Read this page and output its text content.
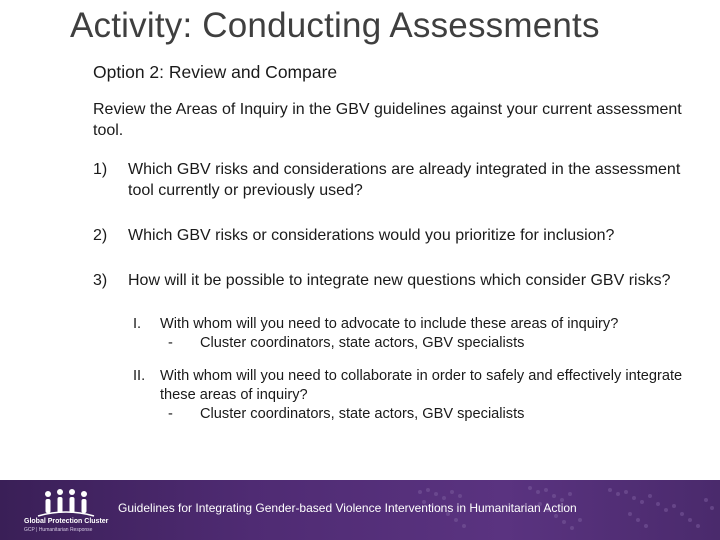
Activity: Conducting Assessments
Option 2: Review and Compare
Review the Areas of Inquiry in the GBV guidelines against your current assessment tool.
1) Which GBV risks and considerations are already integrated in the assessment tool currently or previously used?
2) Which GBV risks or considerations would you prioritize for inclusion?
3) How will it be possible to integrate new questions which consider GBV risks?
I. With whom will you need to advocate to include these areas of inquiry?
- Cluster coordinators, state actors, GBV specialists
II. With whom will you need to collaborate in order to safely and effectively integrate these areas of inquiry?
- Cluster coordinators, state actors, GBV specialists
Global Protection Cluster
GCP | Humanitarian Response
Guidelines for Integrating Gender-based Violence Interventions in Humanitarian Action
